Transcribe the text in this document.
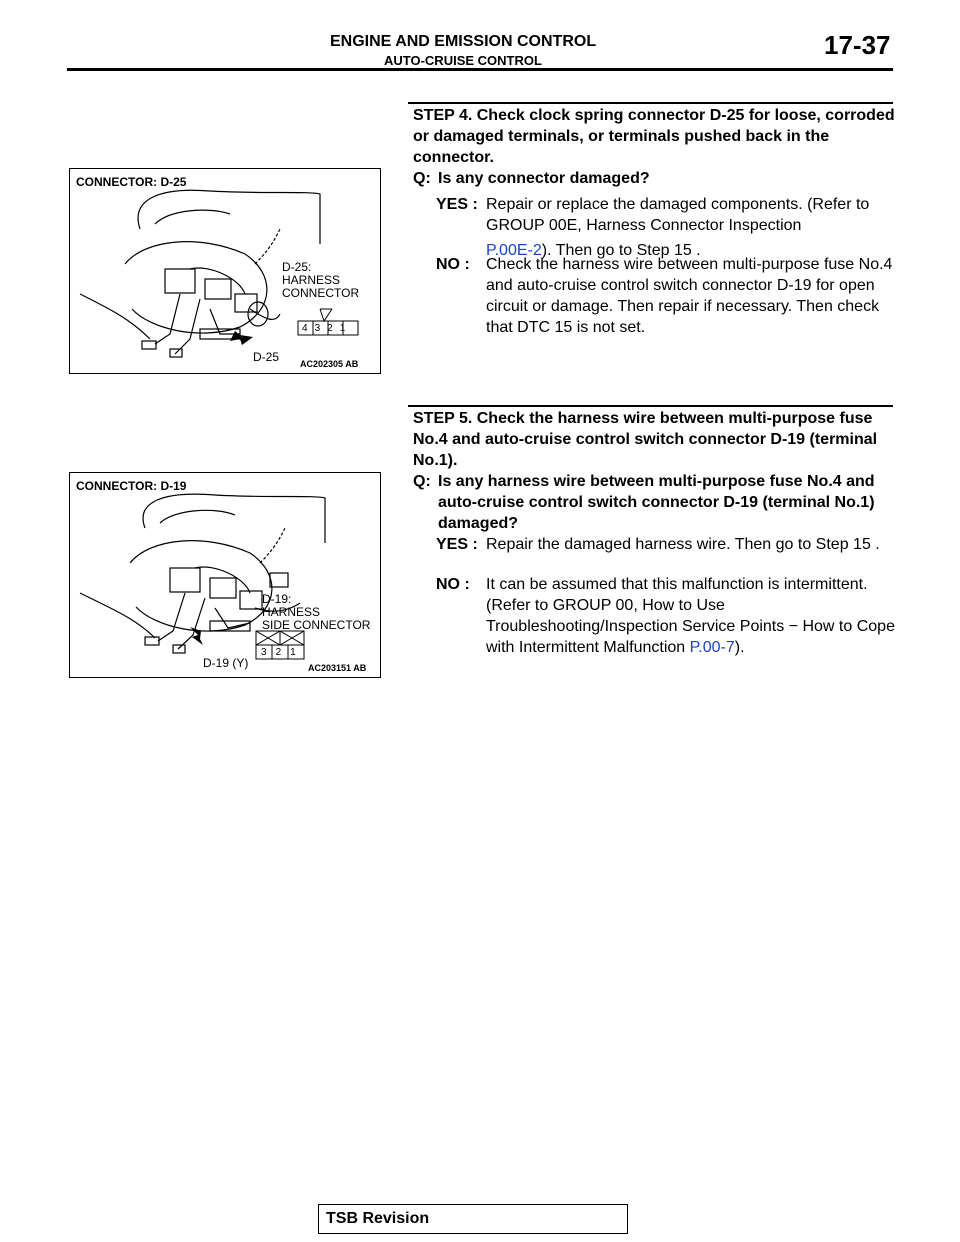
ENGINE AND EMISSION CONTROL
AUTO-CRUISE CONTROL
17-37
STEP 4. Check clock spring connector D-25 for loose, corroded or damaged terminals, or terminals pushed back in the connector.
Q: Is any connector damaged?
YES : Repair or replace the damaged components. (Refer to GROUP 00E, Harness Connector Inspection
P.00E-2). Then go to Step 15 .
NO :	Check the harness wire between multi-purpose fuse No.4 and auto-cruise control switch connector D-19 for open circuit or damage. Then repair if necessary. Then check that DTC 15 is not set.
CONNECTOR: D-25
D-25:
HARNESS
CONNECTOR
D-25
4321
AC202305 AB
STEP 5. Check the harness wire between multi-purpose fuse No.4 and auto-cruise control switch connector D-19 (terminal No.1).
Q: Is any harness wire between multi-purpose fuse No.4 and auto-cruise control switch connector D-19 (terminal No.1) damaged?
YES : Repair the damaged harness wire. Then go to Step 15 .
NO :	It can be assumed that this malfunction is intermittent. (Refer to GROUP 00, How to Use Troubleshooting/Inspection Service Points − How to Cope with Intermittent Malfunction P.00-7).
CONNECTOR: D-19
D-19:
HARNESS
SIDE CONNECTOR
D-19 (Y)
321
AC203151 AB
TSB Revision
